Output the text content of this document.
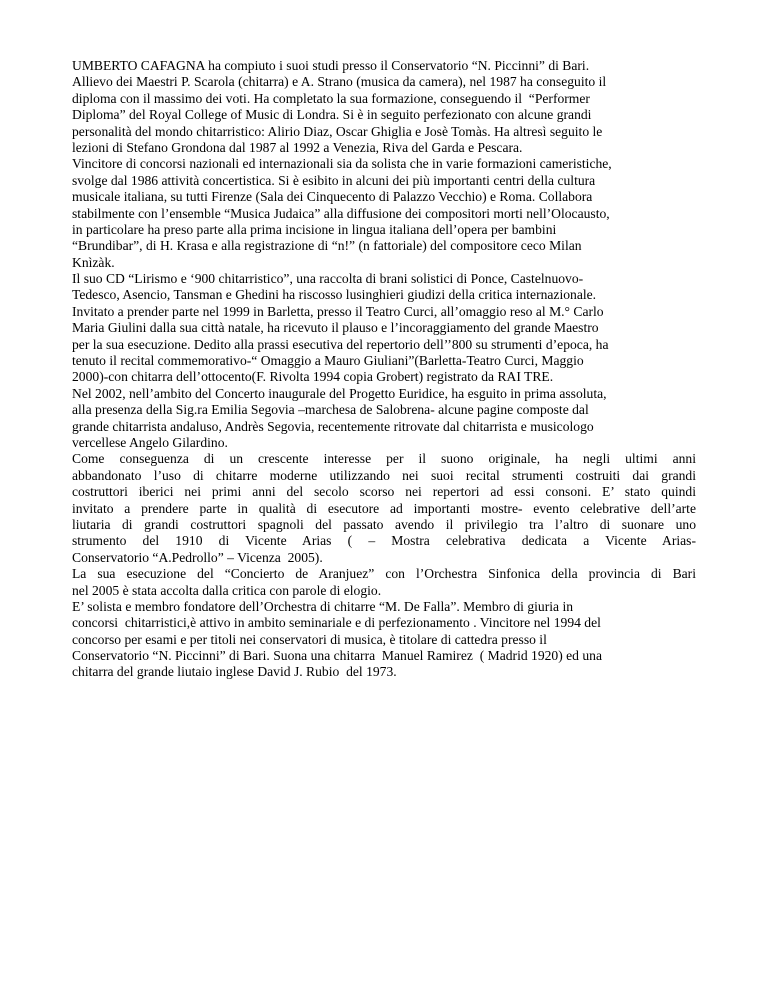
UMBERTO CAFAGNA ha compiuto i suoi studi presso il Conservatorio “N. Piccinni” di Bari.
Allievo dei Maestri P. Scarola (chitarra) e A. Strano (musica da camera), nel 1987 ha conseguito il
diploma con il massimo dei voti. Ha completato la sua formazione, conseguendo il  “Performer
Diploma” del Royal College of Music di Londra. Si è in seguito perfezionato con alcune grandi
personalità del mondo chitarristico: Alirio Diaz, Oscar Ghiglia e Josè Tomàs. Ha altresì seguito le
lezioni di Stefano Grondona dal 1987 al 1992 a Venezia, Riva del Garda e Pescara.
Vincitore di concorsi nazionali ed internazionali sia da solista che in varie formazioni cameristiche,
svolge dal 1986 attività concertistica. Si è esibito in alcuni dei più importanti centri della cultura
musicale italiana, su tutti Firenze (Sala dei Cinquecento di Palazzo Vecchio) e Roma. Collabora
stabilmente con l’ensemble “Musica Judaica” alla diffusione dei compositori morti nell’Olocausto,
in particolare ha preso parte alla prima incisione in lingua italiana dell’opera per bambini
“Brundibar”, di H. Krasa e alla registrazione di “n!” (n fattoriale) del compositore ceco Milan
Knìzàk.
Il suo CD “Lirismo e ‘900 chitarristico”, una raccolta di brani solistici di Ponce, Castelnuovo-
Tedesco, Asencio, Tansman e Ghedini ha riscosso lusinghieri giudizi della critica internazionale.
Invitato a prender parte nel 1999 in Barletta, presso il Teatro Curci, all’omaggio reso al M.° Carlo
Maria Giulini dalla sua città natale, ha ricevuto il plauso e l’incoraggiamento del grande Maestro
per la sua esecuzione. Dedito alla prassi esecutiva del repertorio dell’’800 su strumenti d’epoca, ha
tenuto il recital commemorativo-“ Omaggio a Mauro Giuliani”(Barletta-Teatro Curci, Maggio
2000)-con chitarra dell’ottocento(F. Rivolta 1994 copia Grobert) registrato da RAI TRE.
Nel 2002, nell’ambito del Concerto inaugurale del Progetto Euridice, ha esguito in prima assoluta,
alla presenza della Sig.ra Emilia Segovia –marchesa de Salobrena- alcune pagine composte dal
grande chitarrista andaluso, Andrès Segovia, recentemente ritrovate dal chitarrista e musicologo
vercellese Angelo Gilardino.
Come conseguenza di un crescente interesse per il suono originale, ha negli ultimi anni
abbandonato l’uso di chitarre moderne utilizzando nei suoi recital strumenti costruiti dai grandi
costruttori iberici nei primi anni del secolo scorso nei repertori ad essi consoni. E’ stato quindi
invitato a prendere parte in qualità di esecutore ad importanti mostre- evento celebrative dell’arte
liutaria di grandi costruttori spagnoli del passato avendo il privilegio tra l’altro di suonare uno
strumento del 1910 di Vicente Arias ( – Mostra celebrativa dedicata a Vicente Arias-
Conservatorio “A.Pedrollo” – Vicenza  2005).
La sua esecuzione del “Concierto de Aranjuez” con l’Orchestra Sinfonica della provincia di Bari
nel 2005 è stata accolta dalla critica con parole di elogio.
E’ solista e membro fondatore dell’Orchestra di chitarre “M. De Falla”. Membro di giuria in
concorsi  chitarristici,è attivo in ambito seminariale e di perfezionamento . Vincitore nel 1994 del
concorso per esami e per titoli nei conservatori di musica, è titolare di cattedra presso il
Conservatorio “N. Piccinni” di Bari. Suona una chitarra  Manuel Ramirez  ( Madrid 1920) ed una
chitarra del grande liutaio inglese David J. Rubio  del 1973.
